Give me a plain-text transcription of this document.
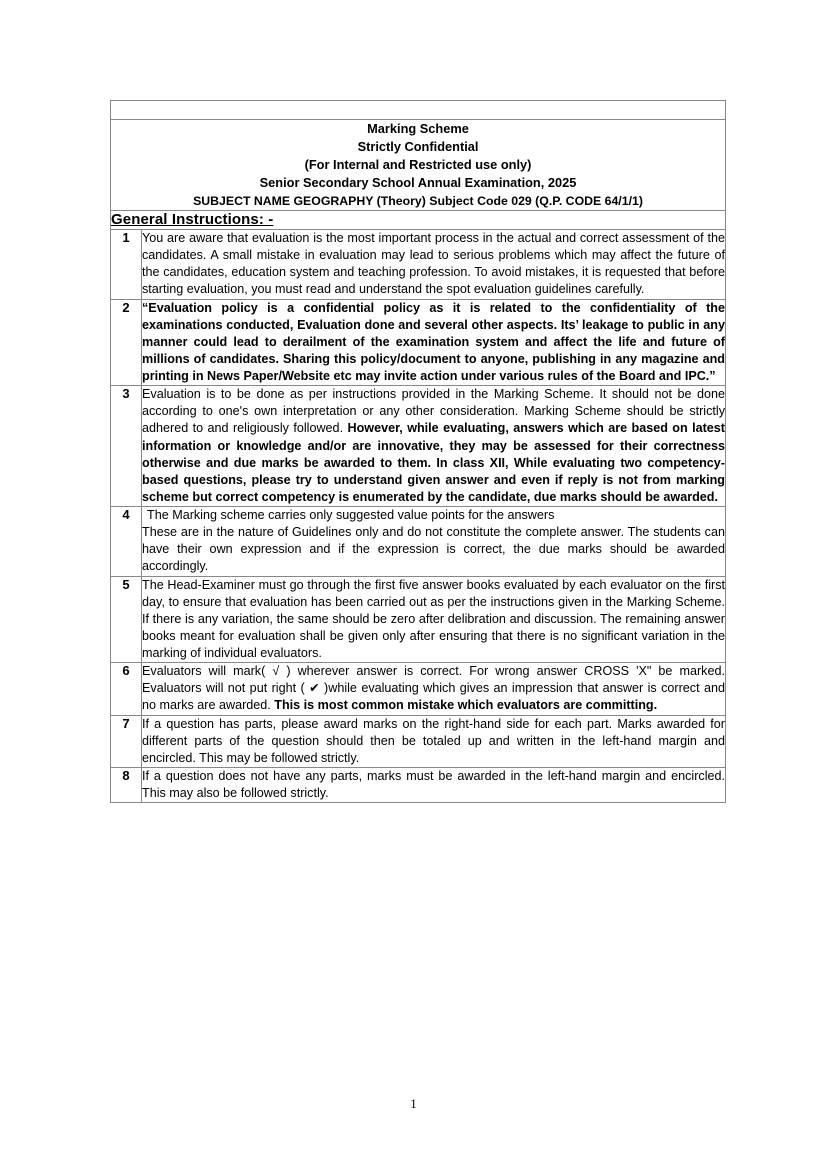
Marking Scheme
Strictly Confidential
(For Internal and Restricted use only)
Senior Secondary School Annual Examination, 2025
SUBJECT NAME GEOGRAPHY (Theory) Subject Code 029 (Q.P. CODE 64/1/1)	

General Instructions: -	
1	You are aware that evaluation is the most important process in the actual and correct assessment of the candidates. A small mistake in evaluation may lead to serious problems which may affect the future of the candidates, education system and teaching profession. To avoid mistakes, it is requested that before starting evaluation, you must read and understand the spot evaluation guidelines carefully.

2	“Evaluation policy is a confidential policy as it is related to the confidentiality of the examinations conducted, Evaluation done and several other aspects. Its’ leakage to public in any manner could lead to derailment of the examination system and affect the life and future of millions of candidates. Sharing this policy/document to anyone, publishing in any magazine and printing in News Paper/Website etc may invite action under various rules of the Board and IPC.”

3	Evaluation is to be done as per instructions provided in the Marking Scheme. It should not be done according to one's own interpretation or any other consideration. Marking Scheme should be strictly adhered to and religiously followed. However, while evaluating, answers which are based on latest information or knowledge and/or are innovative, they may be assessed for their correctness otherwise and due marks be awarded to them. In class XII, While evaluating two competency-based questions, please try to understand given answer and even if reply is not from marking scheme but correct competency is enumerated by the candidate, due marks should be awarded.

4	The Marking scheme carries only suggested value points for the answers

These are in the nature of Guidelines only and do not constitute the complete answer. The students can have their own expression and if the expression is correct, the due marks should be awarded accordingly.

5	The Head-Examiner must go through the first five answer books evaluated by each evaluator on the first day, to ensure that evaluation has been carried out as per the instructions given in the Marking Scheme. If there is any variation, the same should be zero after delibration and discussion. The remaining answer books meant for evaluation shall be given only after ensuring that there is no significant variation in the marking of individual evaluators.

6	Evaluators will mark( √ ) wherever answer is correct. For wrong answer CROSS 'X" be marked. Evaluators will not put right ( ✔ )while evaluating which gives an impression that answer is correct and no marks are awarded. This is most common mistake which evaluators are committing.

7	If a question has parts, please award marks on the right-hand side for each part. Marks awarded for different parts of the question should then be totaled up and written in the left-hand margin and encircled. This may be followed strictly.

8	If a question does not have any parts, marks must be awarded in the left-hand margin and encircled. This may also be followed strictly.

1
